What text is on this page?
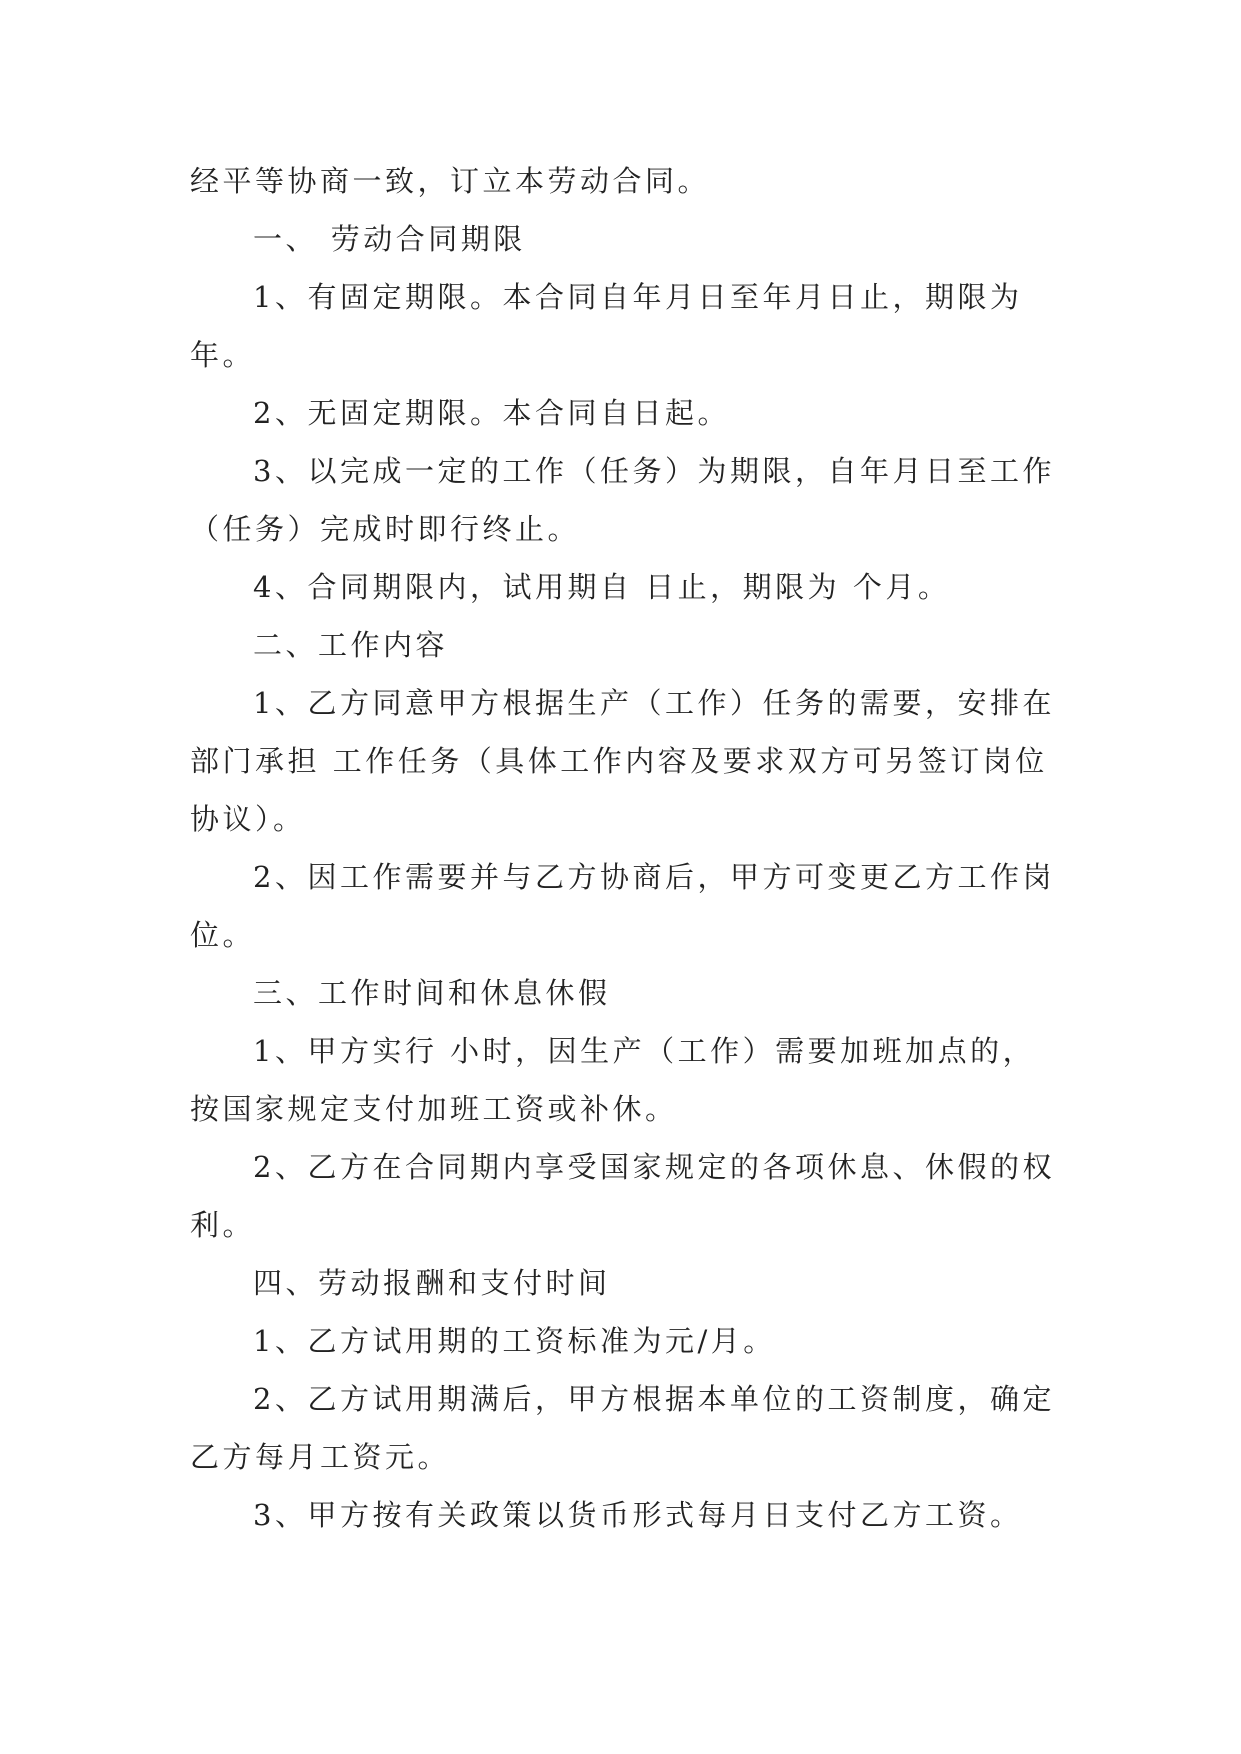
经平等协商一致，订立本劳动合同。

一、 劳动合同期限

1、有固定期限。本合同自年月日至年月日止，期限为年。

2、无固定期限。本合同自日起。

3、以完成一定的工作（任务）为期限，自年月日至工作（任务）完成时即行终止。

4、合同期限内，试用期自 日止，期限为 个月。

二、工作内容

1、乙方同意甲方根据生产（工作）任务的需要，安排在部门承担 工作任务（具体工作内容及要求双方可另签订岗位协议）。

2、因工作需要并与乙方协商后，甲方可变更乙方工作岗位。

三、工作时间和休息休假

1、甲方实行 小时，因生产（工作）需要加班加点的，按国家规定支付加班工资或补休。

2、乙方在合同期内享受国家规定的各项休息、休假的权利。

四、劳动报酬和支付时间

1、乙方试用期的工资标准为元/月。

2、乙方试用期满后，甲方根据本单位的工资制度，确定乙方每月工资元。

3、甲方按有关政策以货币形式每月日支付乙方工资。
